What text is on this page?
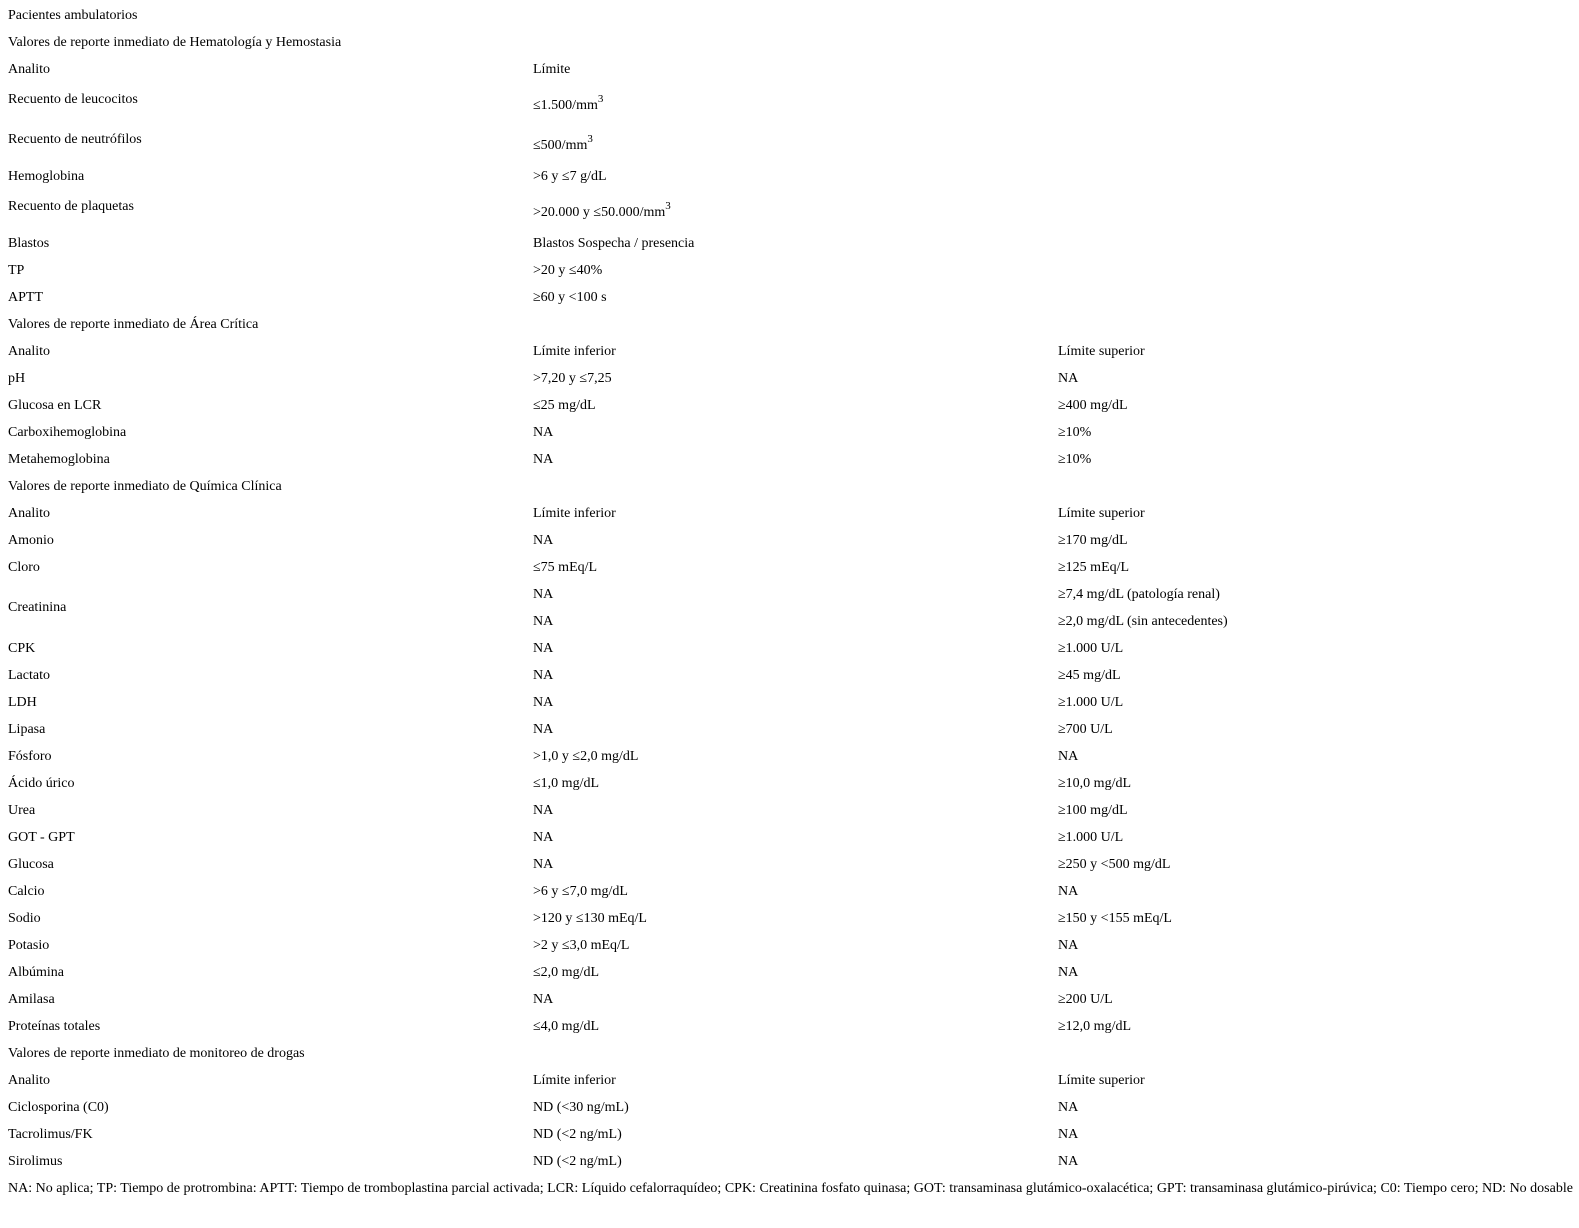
Pacientes ambulatorios		
Valores de reporte inmediato de Hematología y Hemostasia		
Analito	Límite	
Recuento de leucocitos	$\le 1.500/mm^3$
Recuento de neutrófilos	$\le 500/mm^3$
Hemoglobina	>6 y ≤7 g/dL	
Recuento de plaquetas	>20.000 $y \le 50.000/mm^3$
Blastos	Blastos Sospecha / presencia	
TP	>20 y ≤40%	
APTT	≥60 y <100 s	
Valores de reporte inmediato de Área Crítica		
Analito	Límite inferior	Límite superior
pH	>7,20 y ≤7,25	NA
Glucosa en LCR	≤25 mg/dL	≥400 mg/dL
Carboxihemoglobina	NA	≥10%
Metahemoglobina	NA	≥10%
Valores de reporte inmediato de Química Clínica		
Analito	Límite inferior	Límite superior
Amonio	NA	≥170 mg/dL
Cloro	≤75 mEq/L	≥125 mEq/L
Creatinina	NA	≥7,4 mg/dL (patología renal)
	NA	≥2,0 mg/dL (sin antecedentes)
CPK	NA	≥1.000 U/L
Lactato	NA	≥45 mg/dL
LDH	NA	≥1.000 U/L
Lipasa	NA	≥700 U/L
Fósforo	>1,0 y ≤2,0 mg/dL	NA
Ácido úrico	≤1,0 mg/dL	≥10,0 mg/dL
Urea	NA	≥100 mg/dL
GOT - GPT	NA	≥1.000 U/L
Glucosa	NA	≥250 y <500 mg/dL
Calcio	>6 y ≤7,0 mg/dL	NA
Sodio	>120 y ≤130 mEq/L	≥150 y <155 mEq/L
Potasio	>2 y ≤3,0 mEq/L	NA
Albúmina	≤2,0 mg/dL	NA
Amilasa	NA	≥200 U/L
Proteínas totales	≤4,0 mg/dL	≥12,0 mg/dL
Valores de reporte inmediato de monitoreo de drogas		
Analito	Límite inferior	Límite superior
Ciclosporina (C0)	ND (<30 ng/mL)	NA
Tacrolimus/FK	ND (<2 ng/mL)	NA
Sirolimus	ND (<2 ng/mL)	NA
NA: No aplica; TP: Tiempo de protrombina: APTT: Tiempo de tromboplastina parcial activada; LCR: Líquido cefalorraquídeo; CPK: Creatinina fosfato quinasa; GOT: transaminasa glutámico-oxalacética; GPT: transaminasa glutámico-pirúvica; C0: Tiempo cero; ND: No dosable		
